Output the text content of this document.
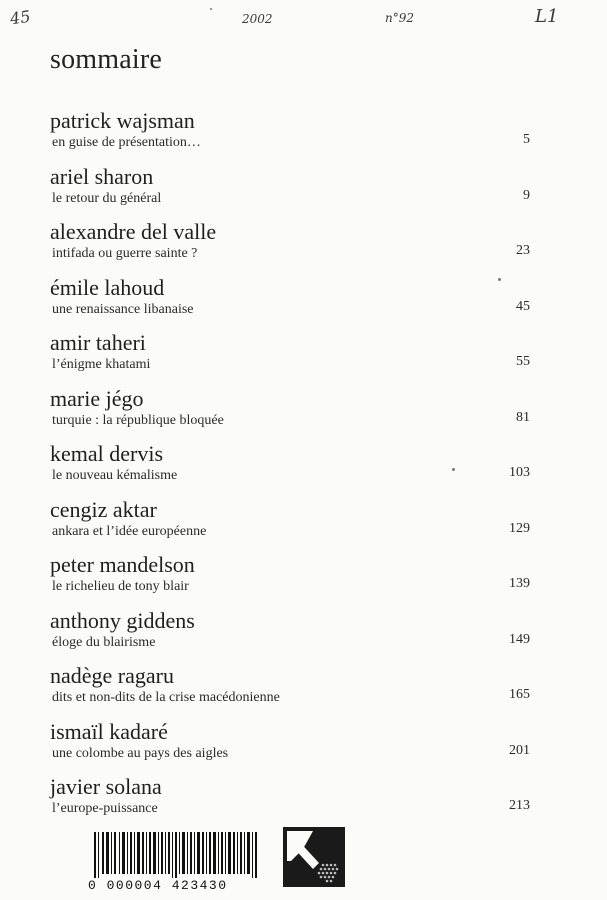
45	2002	n°92	L1
sommaire
patrick wajsman
en guise de présentation…	5
ariel sharon
le retour du général	9
alexandre del valle
intifada ou guerre sainte ?	23
émile lahoud
une renaissance libanaise	45
amir taheri
l’énigme khatami	55
marie jégo
turquie : la république bloquée	81
kemal dervis
le nouveau kémalisme	103
cengiz aktar
ankara et l’idée européenne	129
peter mandelson
le richelieu de tony blair	139
anthony giddens
éloge du blairisme	149
nadège ragaru
dits et non-dits de la crise macédonienne	165
ismaïl kadaré
une colombe au pays des aigles	201
javier solana
l’europe-puissance	213
0 000004 423430
